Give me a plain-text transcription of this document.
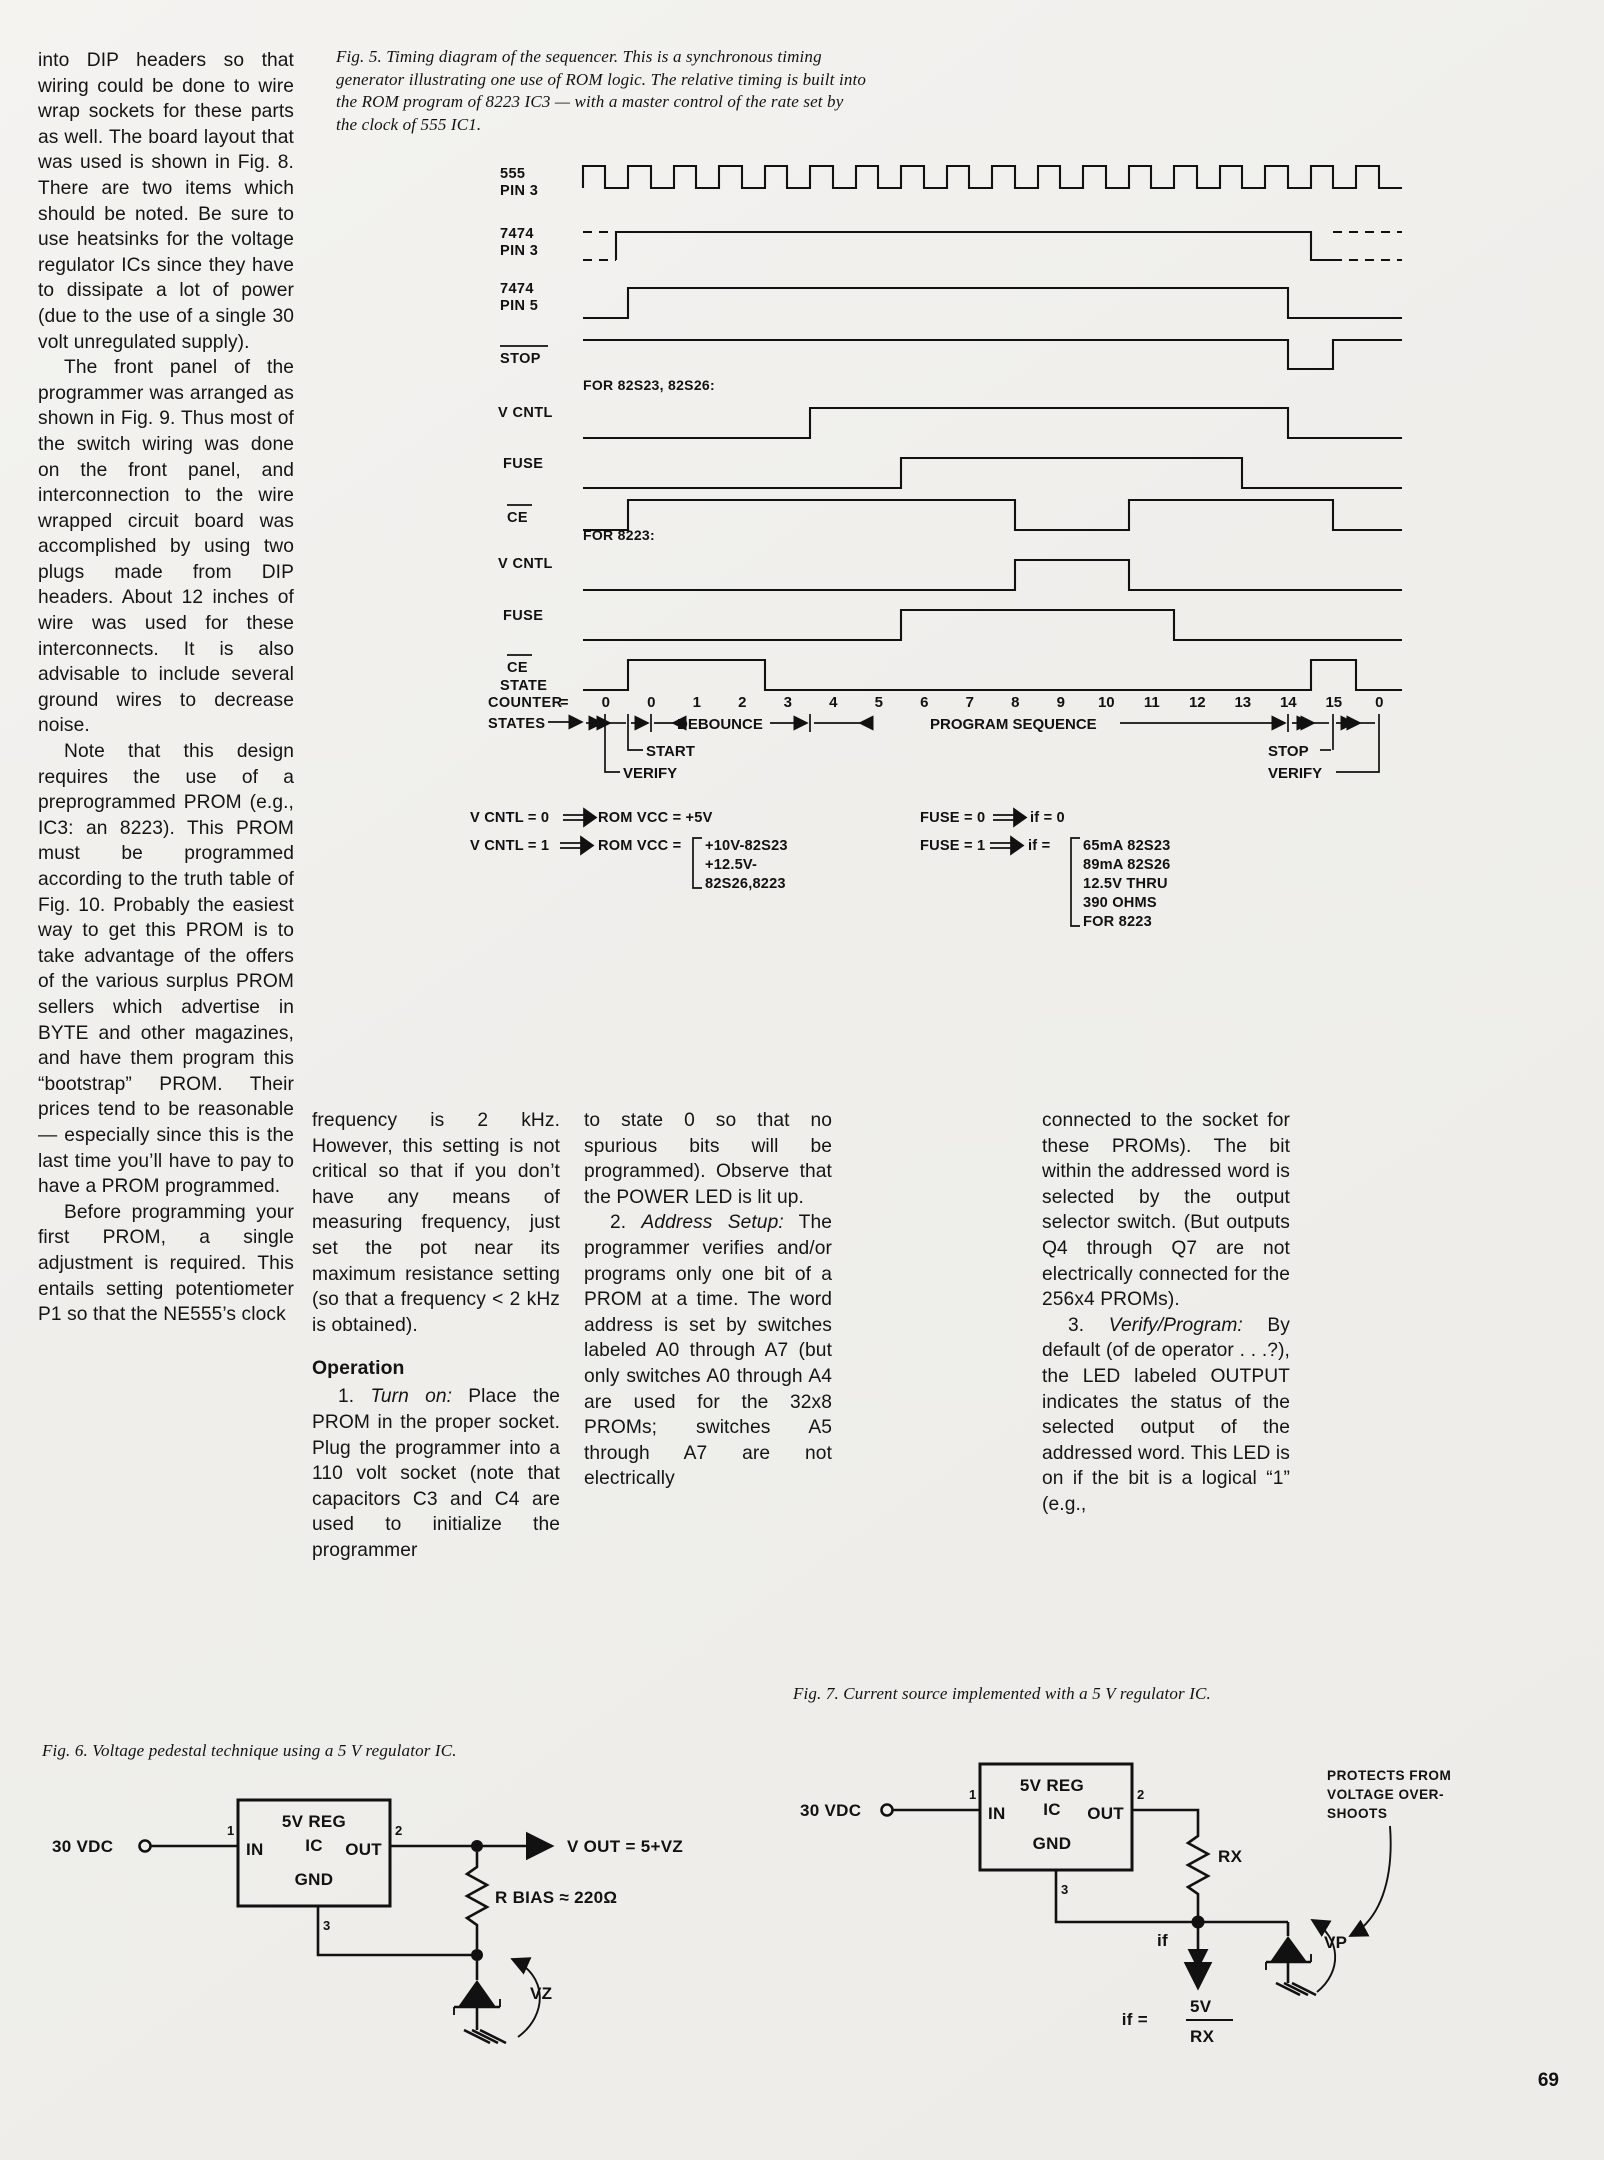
into DIP headers so that wiring could be done to wire wrap sockets for these parts as well. The board layout that was used is shown in Fig. 8. There are two items which should be noted. Be sure to use heatsinks for the voltage regulator ICs since they have to dissipate a lot of power (due to the use of a single 30 volt unregulated supply).

The front panel of the programmer was arranged as shown in Fig. 9. Thus most of the switch wiring was done on the front panel, and interconnection to the wire wrapped circuit board was accomplished by using two plugs made from DIP headers. About 12 inches of wire was used for these interconnects. It is also advisable to include several ground wires to decrease noise.

Note that this design requires the use of a preprogrammed PROM (e.g., IC3: an 8223). This PROM must be programmed according to the truth table of Fig. 10. Probably the easiest way to get this PROM is to take advantage of the offers of the various surplus PROM sellers which advertise in BYTE and other magazines, and have them program this “bootstrap” PROM. Their prices tend to be reasonable — especially since this is the last time you’ll have to pay to have a PROM programmed.

Before programming your first PROM, a single adjustment is required. This entails setting potentiometer P1 so that the NE555’s clock

Fig. 5. Timing diagram of the sequencer. This is a synchronous timing generator illustrating one use of ROM logic. The relative timing is built into the ROM program of 8223 IC3 — with a master control of the rate set by the clock of 555 IC1.
555
PIN 3
7474
PIN 3
7474
PIN 5
STOP
V CNTL
FUSE
CE
V CNTL
FUSE
CE
FOR 82S23, 82S26:
FOR 8223:
STATE
COUNTER
=
STATES
0 0 1 2 3 4 5 6 7 8 9 10 11 12 13 14 15 0
DEBOUNCE	PROGRAM SEQUENCE
VERIFY
START	STOP
VERIFY
V CNTL = 0	ROM VCC = +5V
V CNTL = 1	ROM VCC = +10V-82S23
+12.5V-
82S26,8223
FUSE = 0	if = 0
FUSE = 1	if = 65mA 82S23
89mA 82S26
12.5V THRU
390 OHMS
FOR 8223

frequency is 2 kHz. However, this setting is not critical so that if you don’t have any means of measuring frequency, just set the pot near its maximum resistance setting (so that a frequency < 2 kHz is obtained).

Operation

1. Turn on: Place the PROM in the proper socket. Plug the programmer into a 110 volt socket (note that capacitors C3 and C4 are used to initialize the programmer

to state 0 so that no spurious bits will be programmed). Observe that the POWER LED is lit up.

2. Address Setup: The programmer verifies and/or programs only one bit of a PROM at a time. The word address is set by switches labeled A0 through A7 (but only switches A0 through A4 are used for the 32x8 PROMs; switches A5 through A7 are not electrically

connected to the socket for these PROMs). The bit within the addressed word is selected by the output selector switch. (But outputs Q4 through Q7 are not electrically connected for the 256x4 PROMs).

3. Verify/Program: By default (of de operator . . .?), the LED labeled OUTPUT indicates the status of the selected output of the addressed word. This LED is on if the bit is a logical “1” (e.g.,

Fig. 7. Current source implemented with a 5 V regulator IC.
Fig. 6. Voltage pedestal technique using a 5 V regulator IC.
30 VDC
5V REG
IC
IN	OUT
GND
1	2
3
V OUT = 5+VZ
R BIAS ≈ 220Ω
VZ
30 VDC
5V REG
IC
IN	OUT
GND
1	2
3
RX
if
if =
5V
RX
VP
PROTECTS FROM
VOLTAGE OVER-
SHOOTS
69
